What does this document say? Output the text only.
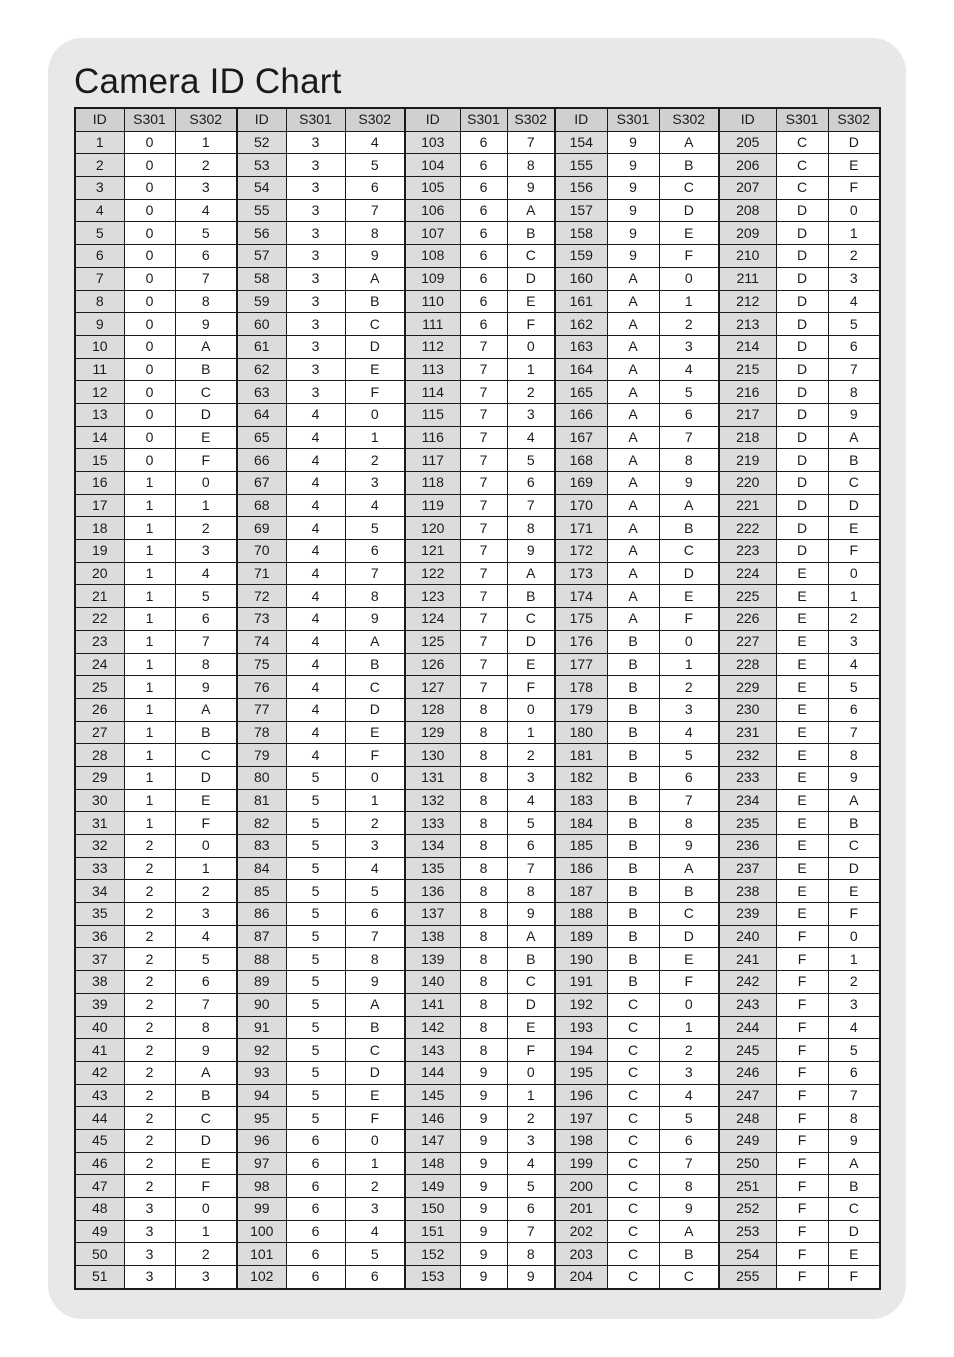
Camera ID Chart
ID	S301	S302	ID	S301	S302	ID	S301	S302	ID	S301	S302	ID	S301	S302
1	0	1	52	3	4	103	6	7	154	9	A	205	C	D
2	0	2	53	3	5	104	6	8	155	9	B	206	C	E
3	0	3	54	3	6	105	6	9	156	9	C	207	C	F
4	0	4	55	3	7	106	6	A	157	9	D	208	D	0
5	0	5	56	3	8	107	6	B	158	9	E	209	D	1
6	0	6	57	3	9	108	6	C	159	9	F	210	D	2
7	0	7	58	3	A	109	6	D	160	A	0	211	D	3
8	0	8	59	3	B	110	6	E	161	A	1	212	D	4
9	0	9	60	3	C	111	6	F	162	A	2	213	D	5
10	0	A	61	3	D	112	7	0	163	A	3	214	D	6
11	0	B	62	3	E	113	7	1	164	A	4	215	D	7
12	0	C	63	3	F	114	7	2	165	A	5	216	D	8
13	0	D	64	4	0	115	7	3	166	A	6	217	D	9
14	0	E	65	4	1	116	7	4	167	A	7	218	D	A
15	0	F	66	4	2	117	7	5	168	A	8	219	D	B
16	1	0	67	4	3	118	7	6	169	A	9	220	D	C
17	1	1	68	4	4	119	7	7	170	A	A	221	D	D
18	1	2	69	4	5	120	7	8	171	A	B	222	D	E
19	1	3	70	4	6	121	7	9	172	A	C	223	D	F
20	1	4	71	4	7	122	7	A	173	A	D	224	E	0
21	1	5	72	4	8	123	7	B	174	A	E	225	E	1
22	1	6	73	4	9	124	7	C	175	A	F	226	E	2
23	1	7	74	4	A	125	7	D	176	B	0	227	E	3
24	1	8	75	4	B	126	7	E	177	B	1	228	E	4
25	1	9	76	4	C	127	7	F	178	B	2	229	E	5
26	1	A	77	4	D	128	8	0	179	B	3	230	E	6
27	1	B	78	4	E	129	8	1	180	B	4	231	E	7
28	1	C	79	4	F	130	8	2	181	B	5	232	E	8
29	1	D	80	5	0	131	8	3	182	B	6	233	E	9
30	1	E	81	5	1	132	8	4	183	B	7	234	E	A
31	1	F	82	5	2	133	8	5	184	B	8	235	E	B
32	2	0	83	5	3	134	8	6	185	B	9	236	E	C
33	2	1	84	5	4	135	8	7	186	B	A	237	E	D
34	2	2	85	5	5	136	8	8	187	B	B	238	E	E
35	2	3	86	5	6	137	8	9	188	B	C	239	E	F
36	2	4	87	5	7	138	8	A	189	B	D	240	F	0
37	2	5	88	5	8	139	8	B	190	B	E	241	F	1
38	2	6	89	5	9	140	8	C	191	B	F	242	F	2
39	2	7	90	5	A	141	8	D	192	C	0	243	F	3
40	2	8	91	5	B	142	8	E	193	C	1	244	F	4
41	2	9	92	5	C	143	8	F	194	C	2	245	F	5
42	2	A	93	5	D	144	9	0	195	C	3	246	F	6
43	2	B	94	5	E	145	9	1	196	C	4	247	F	7
44	2	C	95	5	F	146	9	2	197	C	5	248	F	8
45	2	D	96	6	0	147	9	3	198	C	6	249	F	9
46	2	E	97	6	1	148	9	4	199	C	7	250	F	A
47	2	F	98	6	2	149	9	5	200	C	8	251	F	B
48	3	0	99	6	3	150	9	6	201	C	9	252	F	C
49	3	1	100	6	4	151	9	7	202	C	A	253	F	D
50	3	2	101	6	5	152	9	8	203	C	B	254	F	E
51	3	3	102	6	6	153	9	9	204	C	C	255	F	F
